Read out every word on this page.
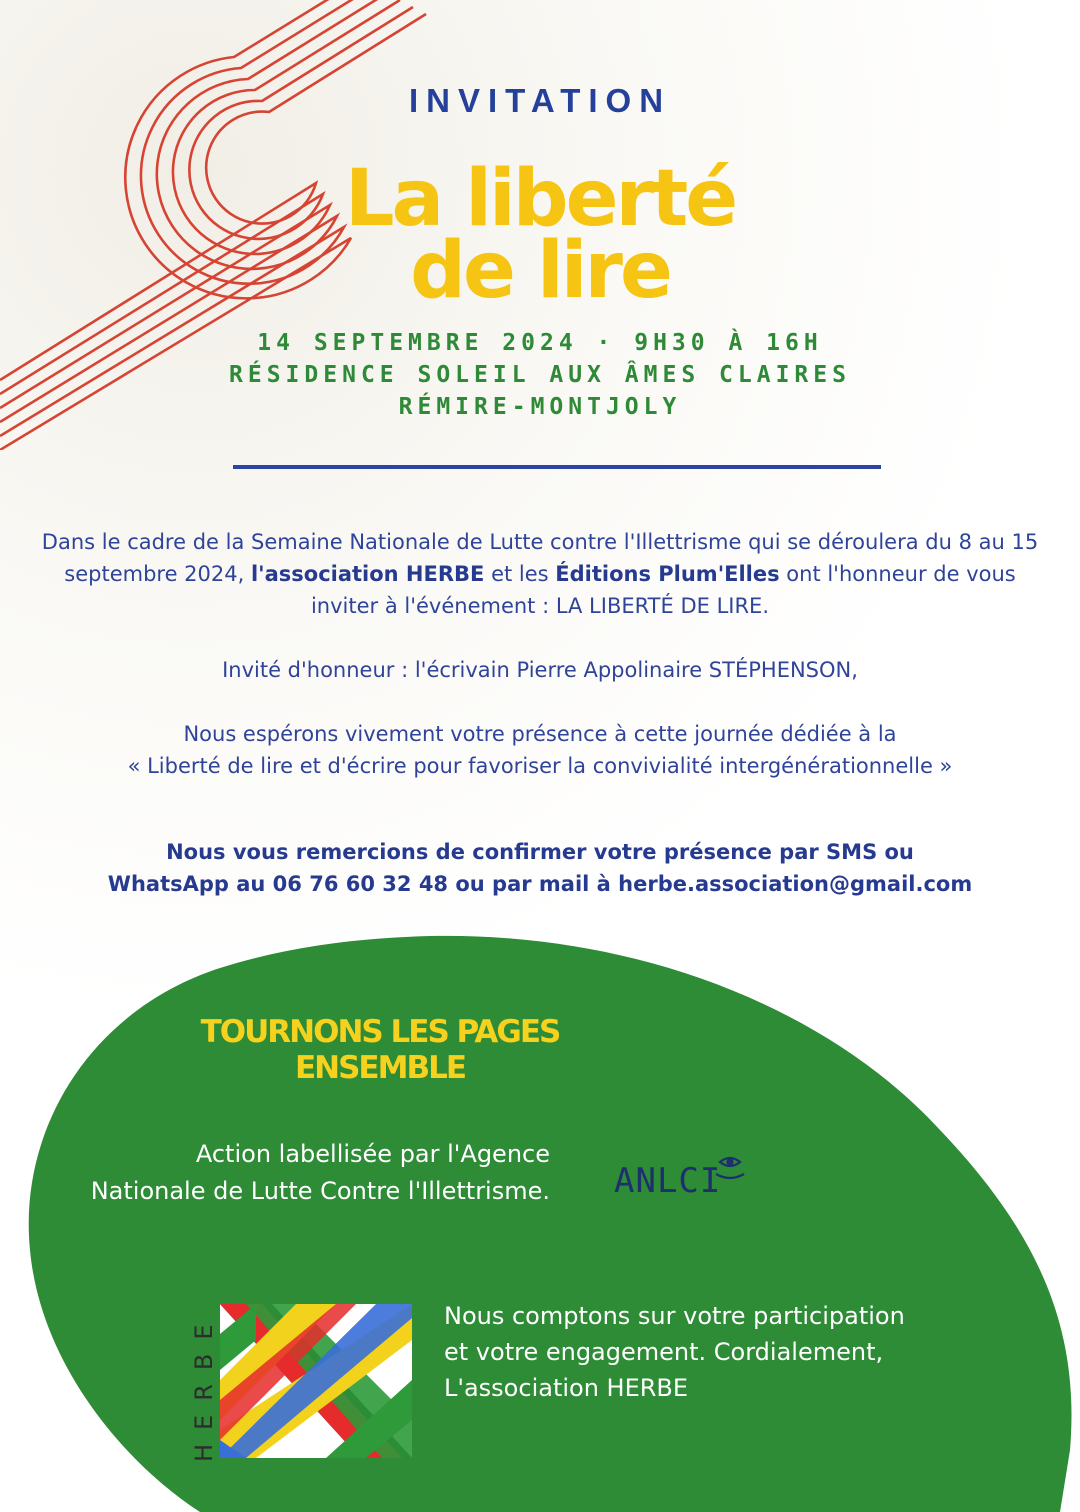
INVITATION
La liberté
de lire
14 SEPTEMBRE 2024 · 9H30 À 16H
RÉSIDENCE SOLEIL AUX ÂMES CLAIRES
RÉMIRE-MONTJOLY

Dans le cadre de la Semaine Nationale de Lutte contre l'Illettrisme qui se déroulera du 8 au 15 septembre 2024, l'association HERBE et les Éditions Plum'Elles ont l'honneur de vous inviter à l'événement : LA LIBERTÉ DE LIRE.

Invité d'honneur : l'écrivain Pierre Appolinaire STÉPHENSON,

Nous espérons vivement votre présence à cette journée dédiée à la
« Liberté de lire et d'écrire pour favoriser la convivialité intergénérationnelle »
Nous vous remercions de confirmer votre présence par SMS ou
WhatsApp au 06 76 60 32 48 ou par mail à herbe.association@gmail.com
TOURNONS LES PAGES
ENSEMBLE
Action labellisée par l'Agence
Nationale de Lutte Contre l'Illettrisme. ANLCI
HERBE	Nous comptons sur votre participation
et votre engagement. Cordialement,
L'association HERBE
